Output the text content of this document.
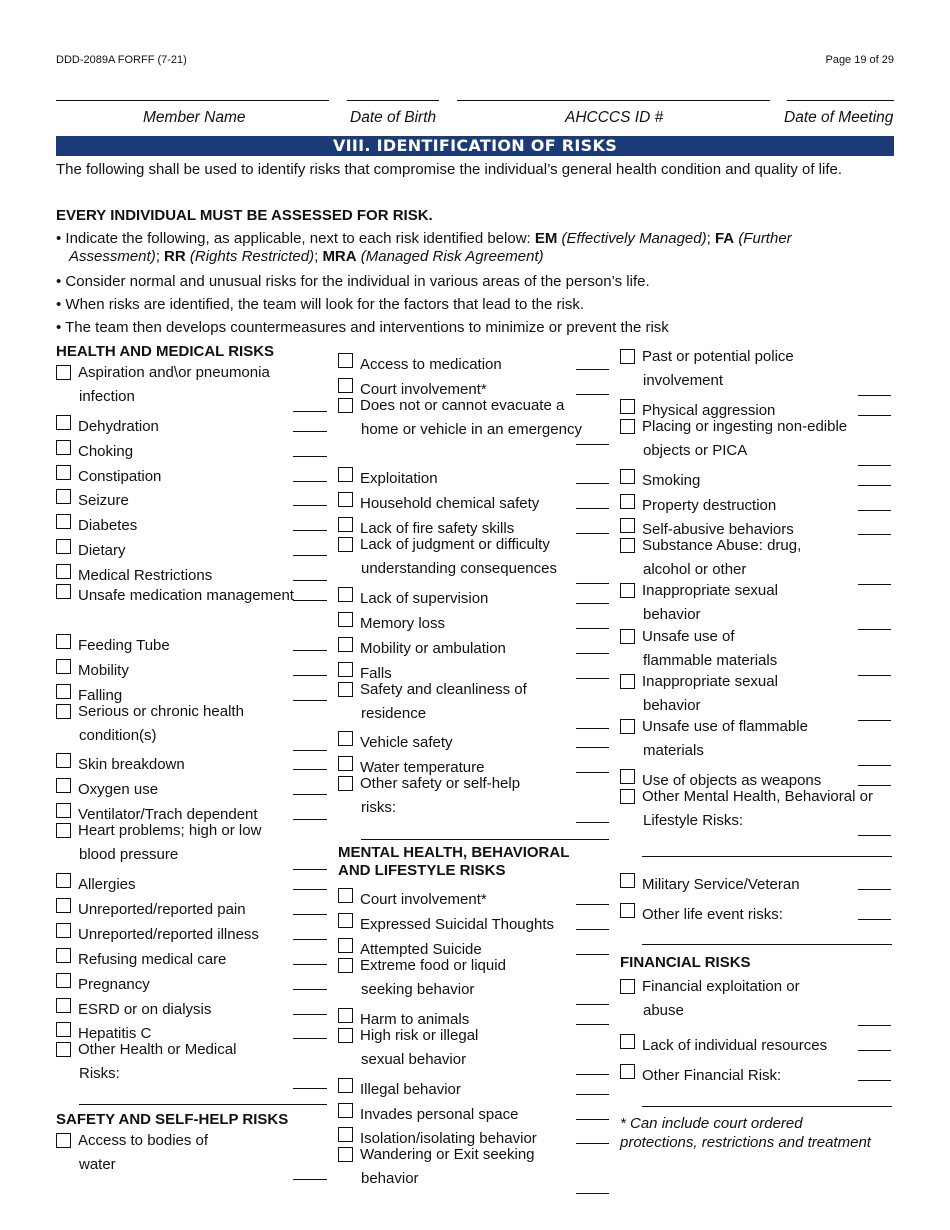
DDD-2089A FORFF (7-21)	Page 19 of 29
Member Name	Date of Birth	AHCCCS ID #	Date of Meeting
VIII. IDENTIFICATION OF RISKS
The following shall be used to identify risks that compromise the individual’s general health condition and quality of life.
EVERY INDIVIDUAL MUST BE ASSESSED FOR RISK.
• Indicate the following, as applicable, next to each risk identified below: EM (Effectively Managed); FA (Further
Assessment); RR (Rights Restricted); MRA (Managed Risk Agreement)
• Consider normal and unusual risks for the individual in various areas of the person’s life.
• When risks are identified, the team will look for the factors that lead to the risk.
• The team then develops countermeasures and interventions to minimize or prevent the risk
HEALTH AND MEDICAL RISKS
SAFETY AND SELF-HELP RISKS
MENTAL HEALTH, BEHAVIORAL
AND LIFESTYLE RISKS
FINANCIAL RISKS
Aspiration and\or pneumonia
infection
Dehydration
Choking
Constipation
Seizure
Diabetes
Dietary
Medical Restrictions
Unsafe medication management
Feeding Tube
Mobility
Falling
Serious or chronic health
condition(s)
Skin breakdown
Oxygen use
Ventilator/Trach dependent
Heart problems; high or low
blood pressure
Allergies
Unreported/reported pain
Unreported/reported illness
Refusing medical care
Pregnancy
ESRD or on dialysis
Hepatitis C
Other Health or Medical
Risks:
Access to bodies of
water
Access to medication
Court involvement*
Does not or cannot evacuate a
home or vehicle in an emergency
Exploitation
Household chemical safety
Lack of fire safety skills
Lack of judgment or difficulty
understanding consequences
Lack of supervision
Memory loss
Mobility or ambulation
Falls
Safety and cleanliness of
residence
Vehicle safety
Water temperature
Other safety or self-help
risks:
Court involvement*
Expressed Suicidal Thoughts
Attempted Suicide
Extreme food or liquid
seeking behavior
Harm to animals
High risk or illegal
sexual behavior
Illegal behavior
Invades personal space
Isolation/isolating behavior
Wandering or Exit seeking
behavior
Past or potential police
involvement
Physical aggression
Placing or ingesting non-edible
objects or PICA
Smoking
Property destruction
Self-abusive behaviors
Substance Abuse: drug,
alcohol or other
Inappropriate sexual
behavior
Unsafe use of
flammable materials
Inappropriate sexual
behavior
Unsafe use of flammable
materials
Use of objects as weapons
Other Mental Health, Behavioral or
Lifestyle Risks:
Military Service/Veteran
Other life event risks:
Financial exploitation or
abuse
Lack of individual resources
Other Financial Risk:
* Can include court ordered
protections, restrictions and treatment
